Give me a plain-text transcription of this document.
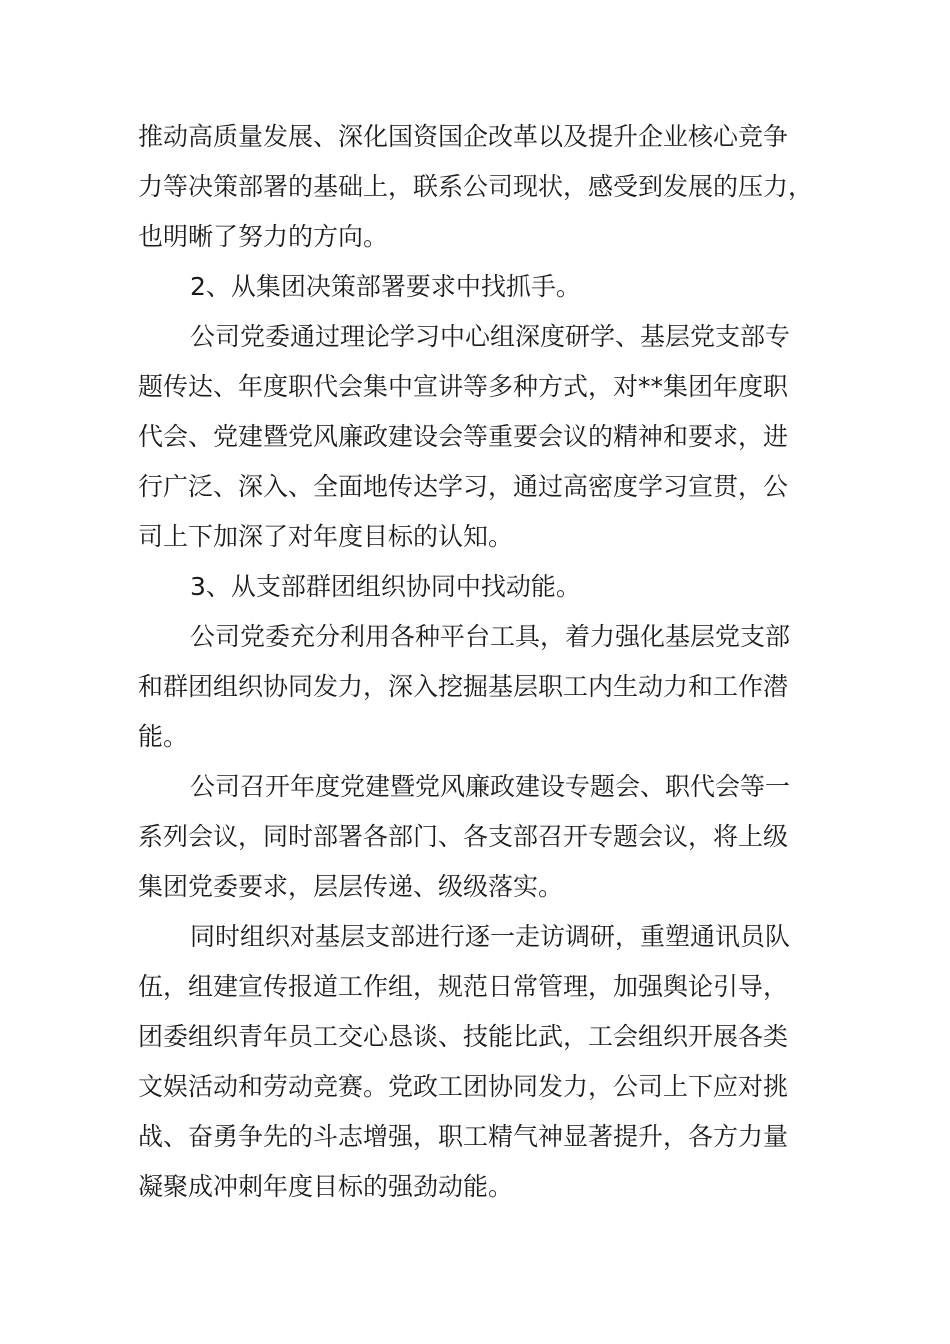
推动高质量发展、深化国资国企改革以及提升企业核心竞争
力等决策部署的基础上，联系公司现状，感受到发展的压力，
也明晰了努力的方向。
2、从集团决策部署要求中找抓手。
公司党委通过理论学习中心组深度研学、基层党支部专
题传达、年度职代会集中宣讲等多种方式，对**集团年度职
代会、党建暨党风廉政建设会等重要会议的精神和要求，进
行广泛、深入、全面地传达学习，通过高密度学习宣贯，公
司上下加深了对年度目标的认知。
3、从支部群团组织协同中找动能。
公司党委充分利用各种平台工具，着力强化基层党支部
和群团组织协同发力，深入挖掘基层职工内生动力和工作潜
能。
公司召开年度党建暨党风廉政建设专题会、职代会等一
系列会议，同时部署各部门、各支部召开专题会议，将上级
集团党委要求，层层传递、级级落实。
同时组织对基层支部进行逐一走访调研，重塑通讯员队
伍，组建宣传报道工作组，规范日常管理，加强舆论引导，
团委组织青年员工交心恳谈、技能比武，工会组织开展各类
文娱活动和劳动竞赛。党政工团协同发力，公司上下应对挑
战、奋勇争先的斗志增强，职工精气神显著提升，各方力量
凝聚成冲刺年度目标的强劲动能。
